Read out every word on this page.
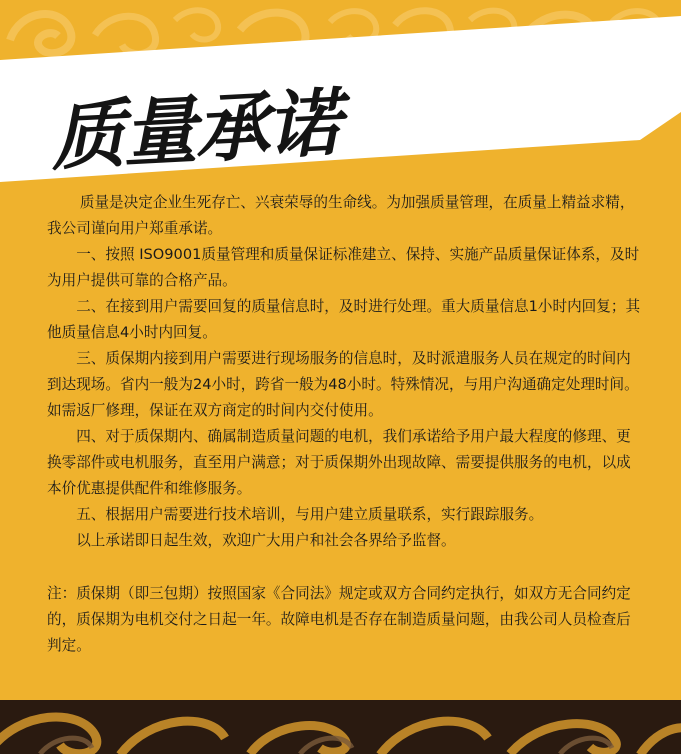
质量承诺

质量是决定企业生死存亡、兴衰荣辱的生命线。为加强质量管理，在质量上精益求精，我公司谨向用户郑重承诺。

一、按照 ISO9001质量管理和质量保证标准建立、保持、实施产品质量保证体系，及时为用户提供可靠的合格产品。

二、在接到用户需要回复的质量信息时，及时进行处理。重大质量信息1小时内回复；其他质量信息4小时内回复。

三、质保期内接到用户需要进行现场服务的信息时，及时派遣服务人员在规定的时间内到达现场。省内一般为24小时，跨省一般为48小时。特殊情况，与用户沟通确定处理时间。如需返厂修理，保证在双方商定的时间内交付使用。

四、对于质保期内、确属制造质量问题的电机，我们承诺给予用户最大程度的修理、更换零部件或电机服务，直至用户满意；对于质保期外出现故障、需要提供服务的电机，以成本价优惠提供配件和维修服务。

五、根据用户需要进行技术培训，与用户建立质量联系，实行跟踪服务。

以上承诺即日起生效，欢迎广大用户和社会各界给予监督。

注：质保期（即三包期）按照国家《合同法》规定或双方合同约定执行，如双方无合同约定的，质保期为电机交付之日起一年。故障电机是否存在制造质量问题，由我公司人员检查后判定。
